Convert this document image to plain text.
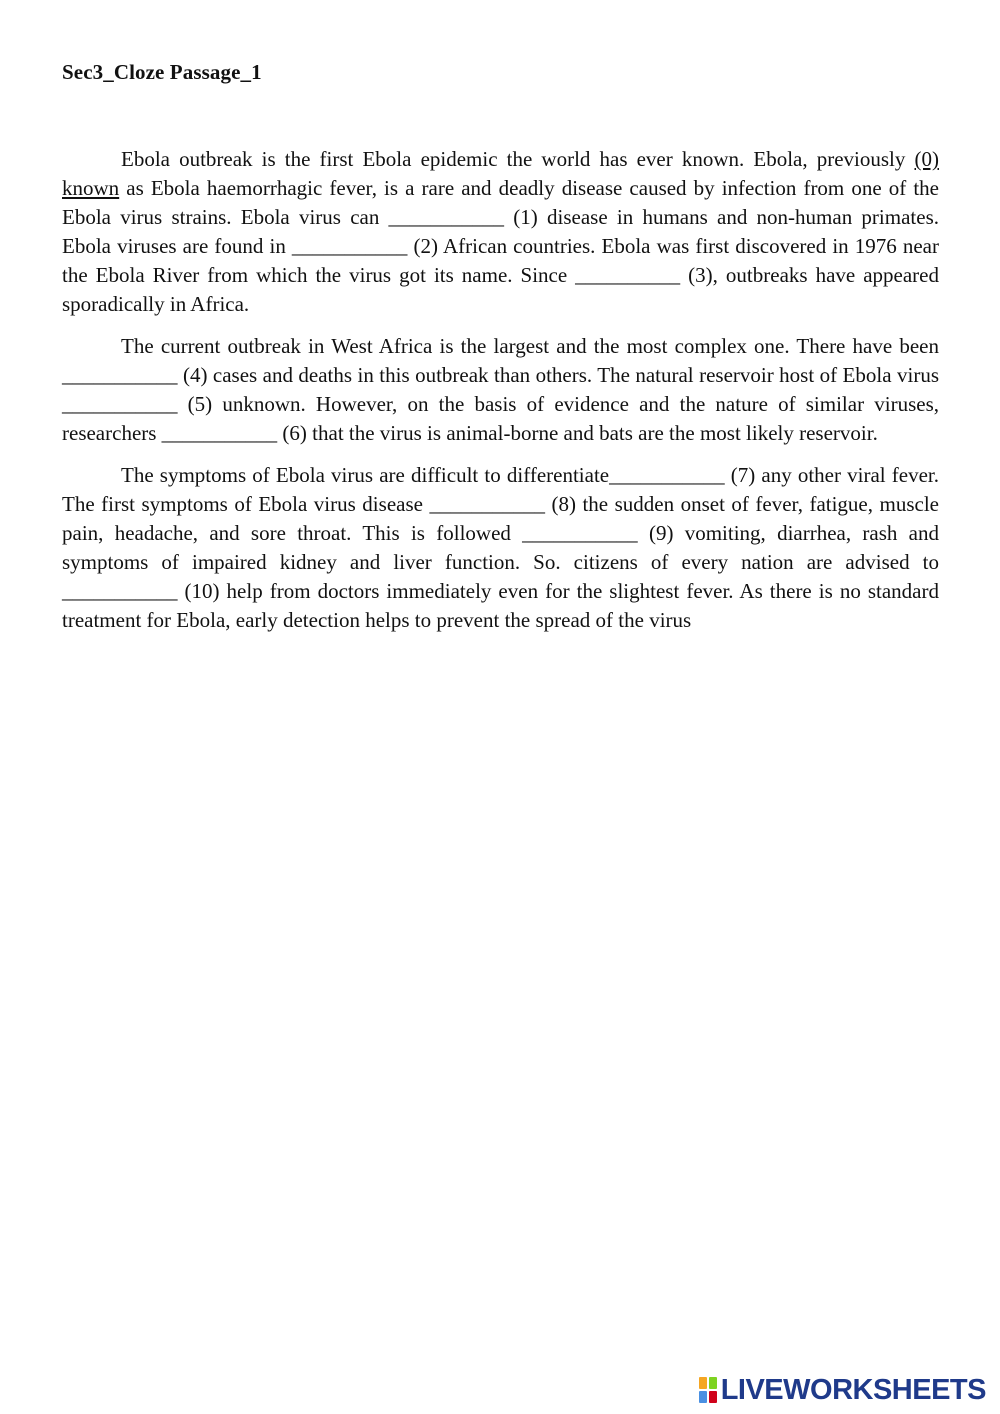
Sec3_Cloze Passage_1

Ebola outbreak is the first Ebola epidemic the world has ever known. Ebola, previously (0) known as Ebola haemorrhagic fever, is a rare and deadly disease caused by infection from one of the Ebola virus strains. Ebola virus can ___________ (1) disease in humans and non-human primates. Ebola viruses are found in ___________ (2) African countries. Ebola was first discovered in 1976 near the Ebola River from which the virus got its name. Since __________ (3), outbreaks have appeared sporadically in Africa.

The current outbreak in West Africa is the largest and the most complex one. There have been ___________ (4) cases and deaths in this outbreak than others. The natural reservoir host of Ebola virus ___________ (5) unknown. However, on the basis of evidence and the nature of similar viruses, researchers ___________ (6) that the virus is animal-borne and bats are the most likely reservoir.

The symptoms of Ebola virus are difficult to differentiate___________ (7) any other viral fever. The first symptoms of Ebola virus disease ___________ (8) the sudden onset of fever, fatigue, muscle pain, headache, and sore throat. This is followed ___________ (9) vomiting, diarrhea, rash and symptoms of impaired kidney and liver function. So. citizens of every nation are advised to ___________ (10) help from doctors immediately even for the slightest fever. As there is no standard treatment for Ebola, early detection helps to prevent the spread of the virus

LIVEWORKSHEETS
